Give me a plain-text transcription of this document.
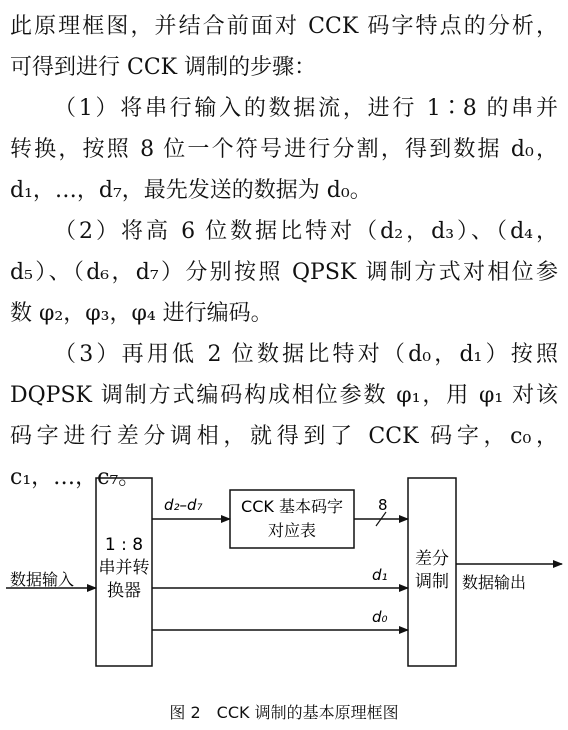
此原理框图，并结合前面对 CCK 码字特点的分析，
可得到进行 CCK 调制的步骤：
（1）将串行输入的数据流，进行 1∶8 的串并
转换，按照 8 位一个符号进行分割，得到数据 d₀，
d₁，…，d₇，最先发送的数据为 d₀。
（2）将高 6 位数据比特对（d₂，d₃）、（d₄，
d₅）、（d₆，d₇）分别按照 QPSK 调制方式对相位参
数 φ₂，φ₃，φ₄ 进行编码。
（3）再用低 2 位数据比特对（d₀，d₁）按照
DQPSK 调制方式编码构成相位参数 φ₁，用 φ₁ 对该
码字进行差分调相，就得到了 CCK 码字，c₀，
c₁，…，c₇。
1 : 8
串并转
换器
CCK 基本码字
对应表
差分
调制
数据输入
d₂–d₇	8
d₁
d₀
数据输出
图 2　CCK 调制的基本原理框图
